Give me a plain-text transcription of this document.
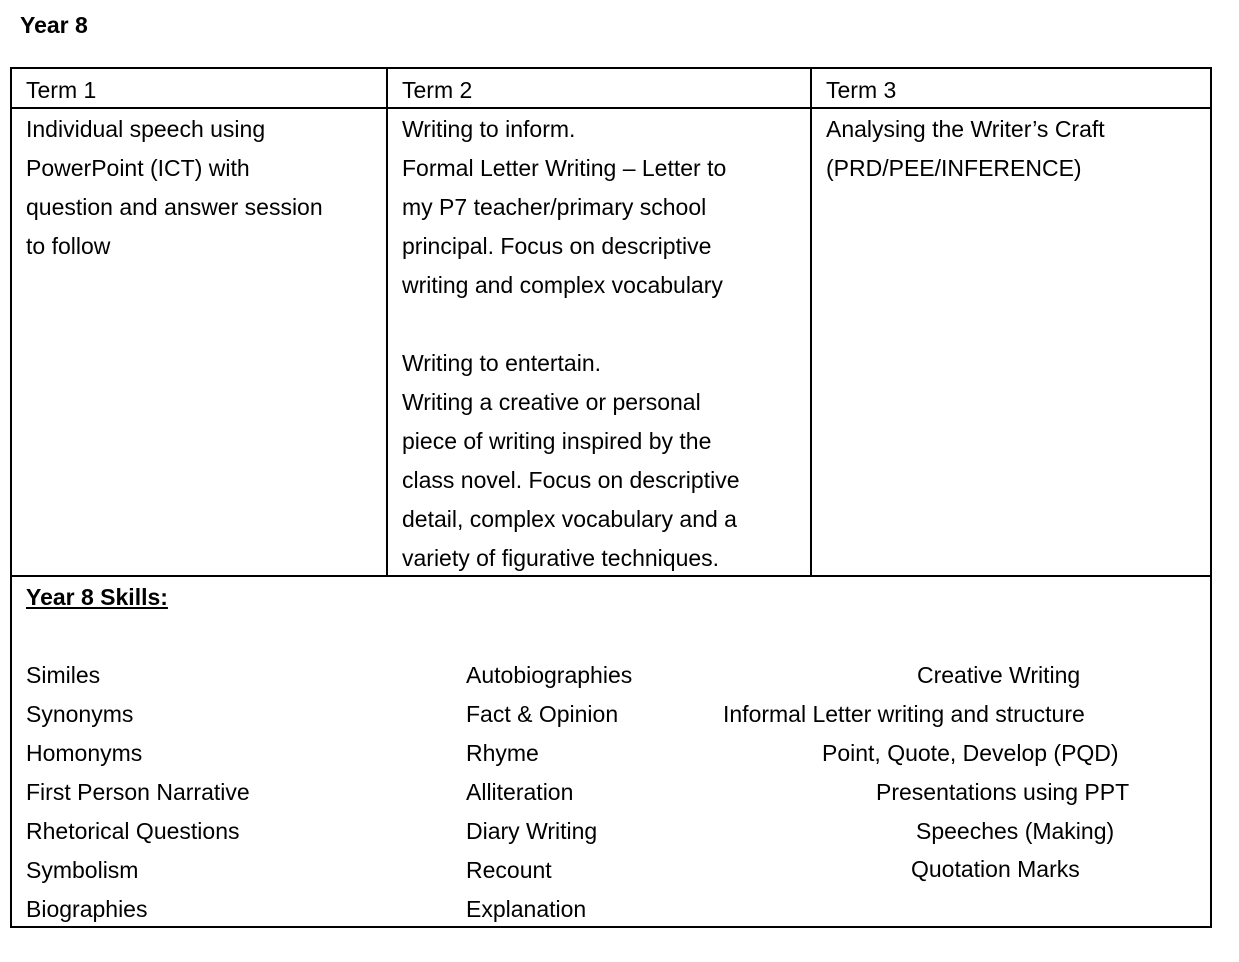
Year 8
Term 1	Term 2	Term 3
Individual speech using
PowerPoint (ICT) with
question and answer session
to follow
Writing to inform.
Formal Letter Writing – Letter to
my P7 teacher/primary school
principal. Focus on descriptive
writing and complex vocabulary

Writing to entertain.
Writing a creative or personal
piece of writing inspired by the
class novel. Focus on descriptive
detail, complex vocabulary and a
variety of figurative techniques.
Analysing the Writer’s Craft
(PRD/PEE/INFERENCE)
Year 8 Skills:
Similes
Synonyms
Homonyms
First Person Narrative
Rhetorical Questions
Symbolism
Biographies
Autobiographies
Fact & Opinion
Rhyme
Alliteration
Diary Writing
Recount
Explanation
Creative Writing
Informal Letter writing and structure
Point, Quote, Develop (PQD)
Presentations using PPT
Speeches (Making)
Quotation Marks
